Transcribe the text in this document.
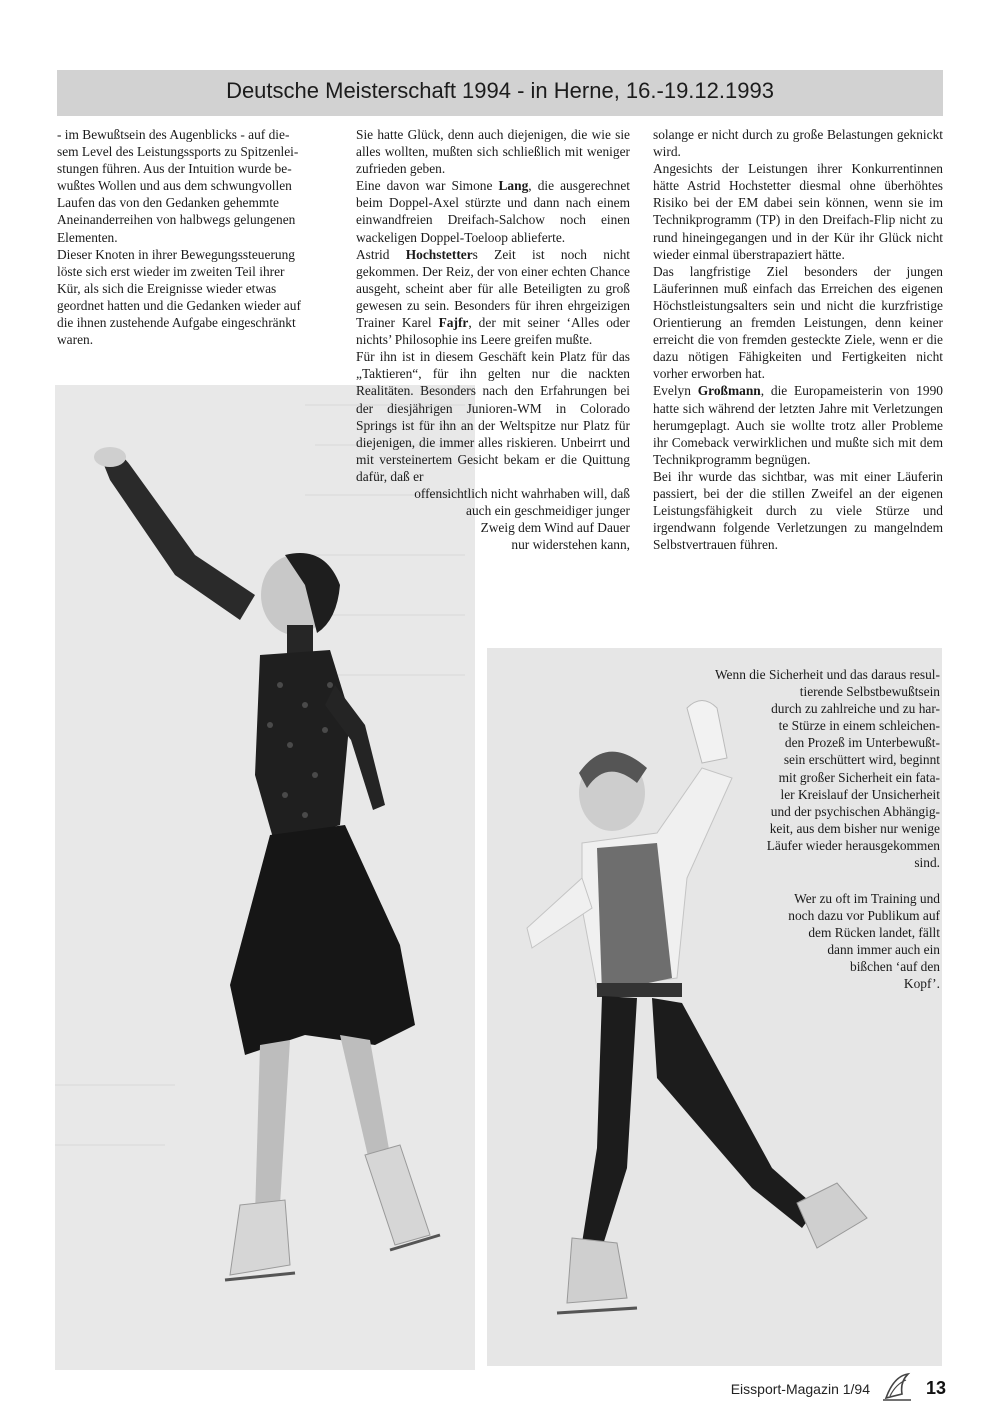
Deutsche Meisterschaft 1994 - in Herne, 16.-19.12.1993

- im Bewußtsein des Augenblicks - auf die-

sem Level des Leistungssports zu Spitzenlei-

stungen führen. Aus der Intuition wurde be-

wußtes Wollen und aus dem schwungvollen

Laufen das von den Gedanken gehemmte

Aneinanderreihen von halbwegs gelungenen

Elementen.

Dieser Knoten in ihrer Bewegungssteuerung

löste sich erst wieder im zweiten Teil ihrer

Kür, als sich die Ereignisse wieder etwas

geordnet hatten und die Gedanken wieder auf

die ihnen zustehende Aufgabe eingeschränkt

waren.

Sie hatte Glück, denn auch diejenigen, die wie sie alles wollten, mußten sich schließlich mit weniger zufrieden geben.

Eine davon war Simone Lang, die ausgerechnet beim Doppel-Axel stürzte und dann nach einem einwandfreien Dreifach-Salchow noch einen wackeligen Doppel-Toeloop ablieferte.

Astrid Hochstetters Zeit ist noch nicht gekommen. Der Reiz, der von einer echten Chance ausgeht, scheint aber für alle Beteiligten zu groß gewesen zu sein. Besonders für ihren ehrgeizigen Trainer Karel Fajfr, der mit seiner ‘Alles oder nichts’ Philosophie ins Leere greifen mußte.

Für ihn ist in diesem Geschäft kein Platz für das „Taktieren“, für ihn gelten nur die nackten Realitäten. Besonders nach den Erfahrungen bei der diesjährigen Junioren-WM in Colorado Springs ist für ihn an der Weltspitze nur Platz für diejenigen, die immer alles riskieren. Unbeirrt und mit versteinertem Gesicht bekam er die Quittung dafür, daß er

offensichtlich nicht wahrhaben will, daß

auch ein geschmeidiger junger

Zweig dem Wind auf Dauer

nur widerstehen kann,

solange er nicht durch zu große Belastungen geknickt wird.

Angesichts der Leistungen ihrer Konkurrentinnen hätte Astrid Hochstetter diesmal ohne überhöhtes Risiko bei der EM dabei sein können, wenn sie im Technikprogramm (TP) in den Dreifach-Flip nicht zu rund hineingegangen und in der Kür ihr Glück nicht wieder einmal überstrapaziert hätte.

Das langfristige Ziel besonders der jungen Läuferinnen muß einfach das Erreichen des eigenen Höchstleistungsalters sein und nicht die kurzfristige Orientierung an fremden Leistungen, denn keiner erreicht die von fremden gesteckte Ziele, wenn er die dazu nötigen Fähigkeiten und Fertigkeiten nicht vorher erworben hat.

Evelyn Großmann, die Europameisterin von 1990 hatte sich während der letzten Jahre mit Verletzungen herumgeplagt. Auch sie wollte trotz aller Probleme ihr Comeback verwirklichen und mußte sich mit dem Technikprogramm begnügen.

Bei ihr wurde das sichtbar, was mit einer Läuferin passiert, bei der die stillen Zweifel an der eigenen Leistungsfähigkeit durch zu viele Stürze und irgendwann folgende Verletzungen zu mangelndem Selbstvertrauen führen.

Wenn die Sicherheit und das daraus resul-
tierende Selbstbewußtsein
durch zu zahlreiche und zu har-
te Stürze in einem schleichen-
den Prozeß im Unterbewußt-
sein erschüttert wird, beginnt
mit großer Sicherheit ein fata-
ler Kreislauf der Unsicherheit
und der psychischen Abhängig-
keit, aus dem bisher nur wenige
Läufer wieder herausgekommen
sind.
Wer zu oft im Training und
noch dazu vor Publikum auf
dem Rücken landet, fällt
dann immer auch ein
bißchen ‘auf den
Kopf’.
Eissport-Magazin 1/94	13
